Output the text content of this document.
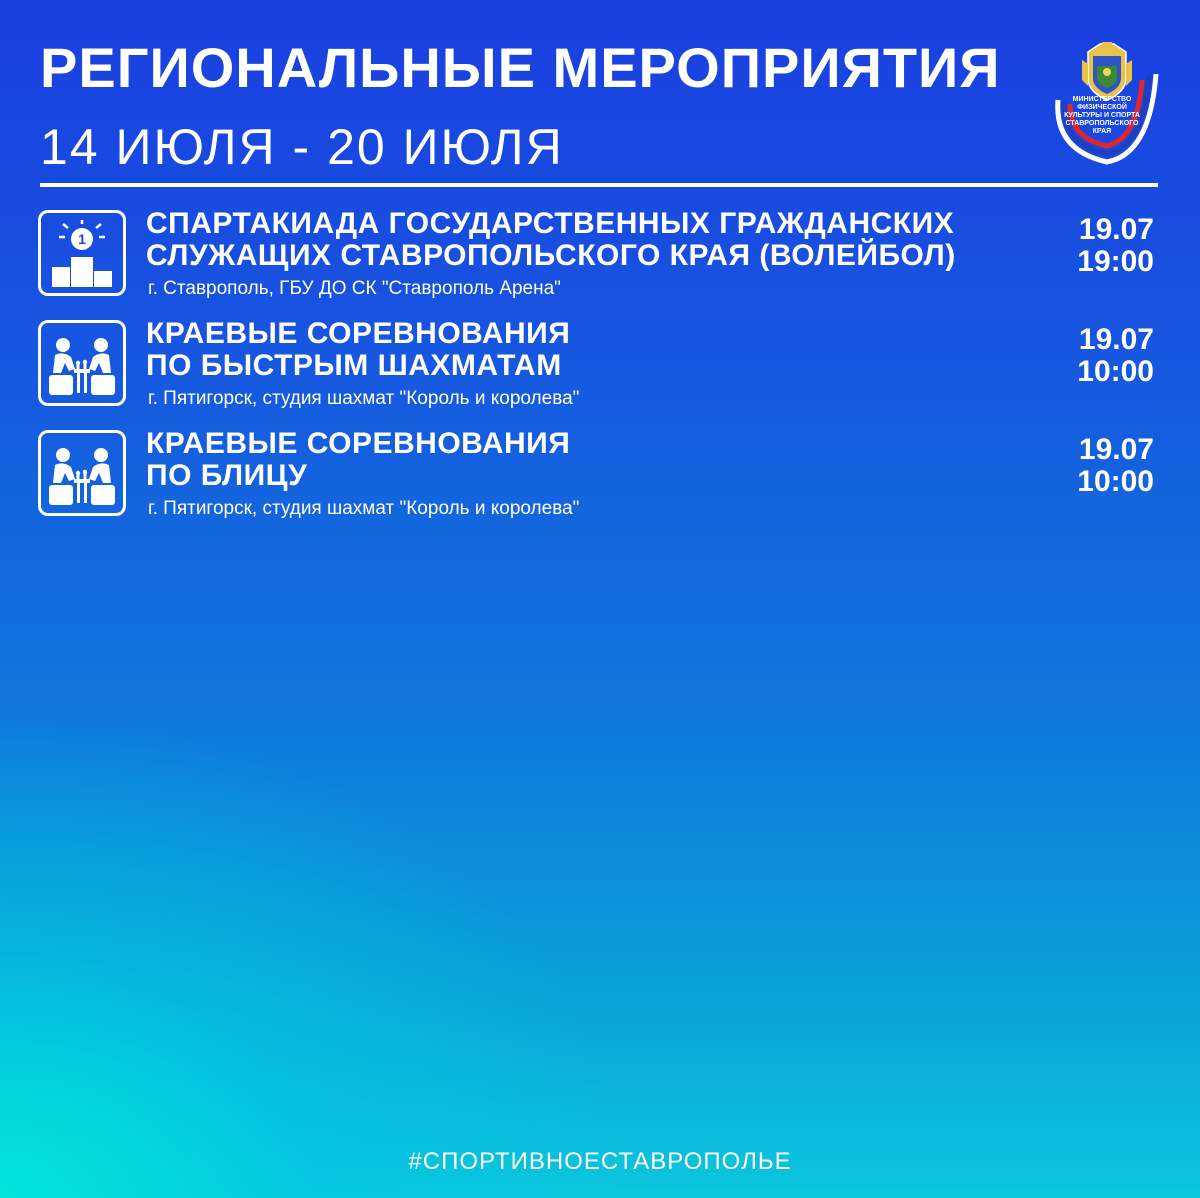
РЕГИОНАЛЬНЫЕ МЕРОПРИЯТИЯ
14 ИЮЛЯ - 20 ИЮЛЯ
МИНИСТЕРСТВО ФИЗИЧЕСКОЙ КУЛЬТУРЫ И СПОРТА СТАВРОПОЛЬСКОГО КРАЯ
1 СПАРТАКИАДА ГОСУДАРСТВЕННЫХ ГРАЖДАНСКИХ
СЛУЖАЩИХ СТАВРОПОЛЬСКОГО КРАЯ (ВОЛЕЙБОЛ)
г. Ставрополь, ГБУ ДО СК "Ставрополь Арена"
19.07
19:00
КРАЕВЫЕ СОРЕВНОВАНИЯ
ПО БЫСТРЫМ ШАХМАТАМ
г. Пятигорск, студия шахмат "Король и королева"
19.07
10:00
КРАЕВЫЕ СОРЕВНОВАНИЯ
ПО БЛИЦУ
г. Пятигорск, студия шахмат "Король и королева"
19.07
10:00
#СПОРТИВНОЕСТАВРОПОЛЬЕ
